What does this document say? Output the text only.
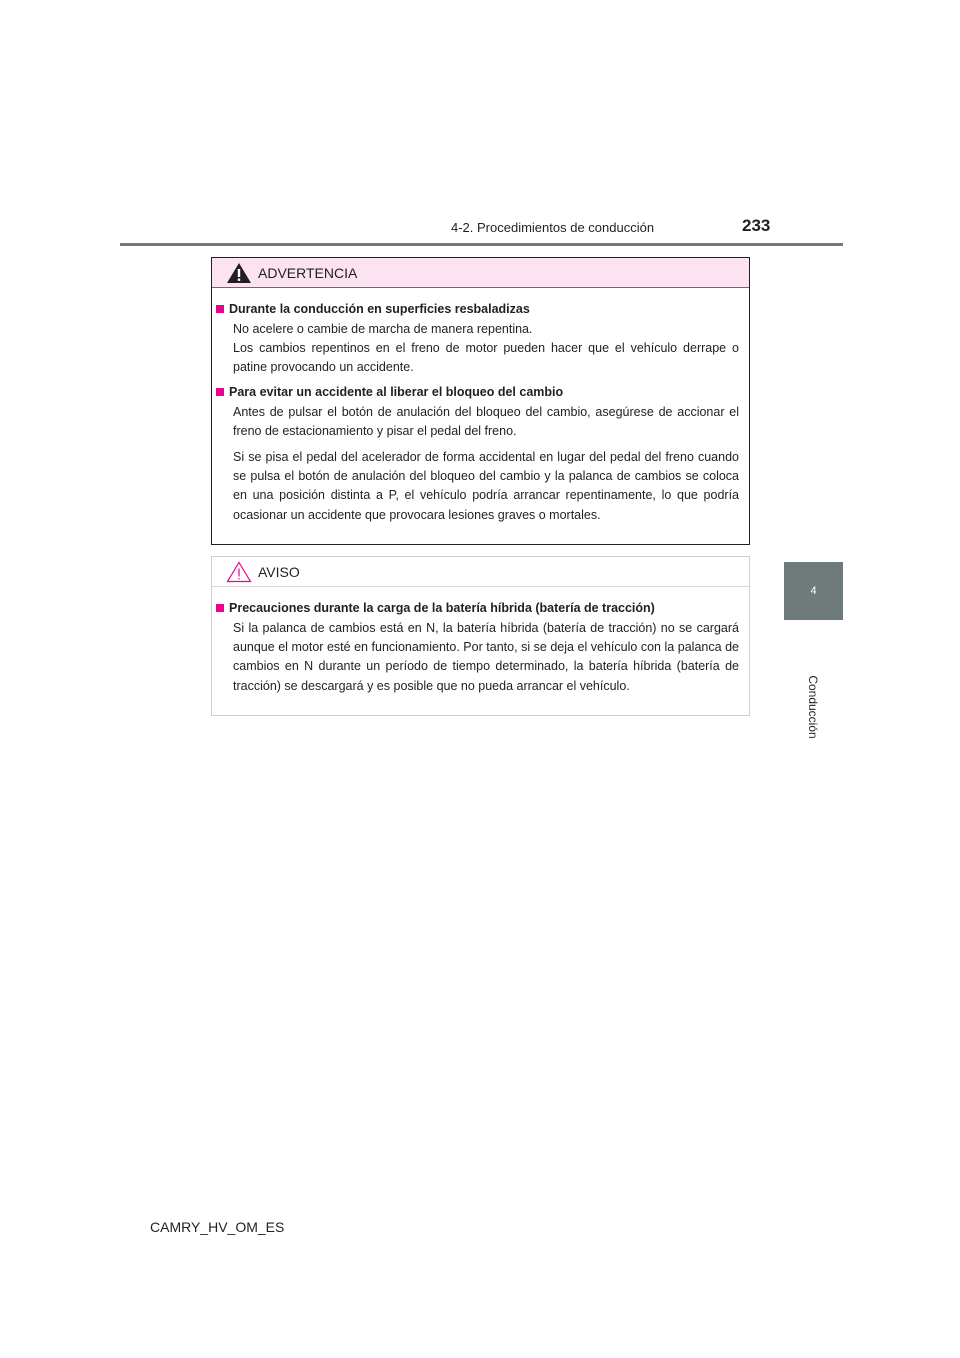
4-2. Procedimientos de conducción	233
4
Conducción
ADVERTENCIA
Durante la conducción en superficies resbaladizas

No acelere o cambie de marcha de manera repentina.
Los cambios repentinos en el freno de motor pueden hacer que el vehículo derrape o patine provocando un accidente.

Para evitar un accidente al liberar el bloqueo del cambio

Antes de pulsar el botón de anulación del bloqueo del cambio, asegúrese de accionar el freno de estacionamiento y pisar el pedal del freno.

Si se pisa el pedal del acelerador de forma accidental en lugar del pedal del freno cuando se pulsa el botón de anulación del bloqueo del cambio y la palanca de cambios se coloca en una posición distinta a P, el vehículo podría arrancar repentinamente, lo que podría ocasionar un accidente que provocara lesiones graves o mortales.

AVISO
Precauciones durante la carga de la batería híbrida (batería de tracción)

Si la palanca de cambios está en N, la batería híbrida (batería de tracción) no se cargará aunque el motor esté en funcionamiento. Por tanto, si se deja el vehículo con la palanca de cambios en N durante un período de tiempo determinado, la batería híbrida (batería de tracción) se descargará y es posible que no pueda arrancar el vehículo.

CAMRY_HV_OM_ES
